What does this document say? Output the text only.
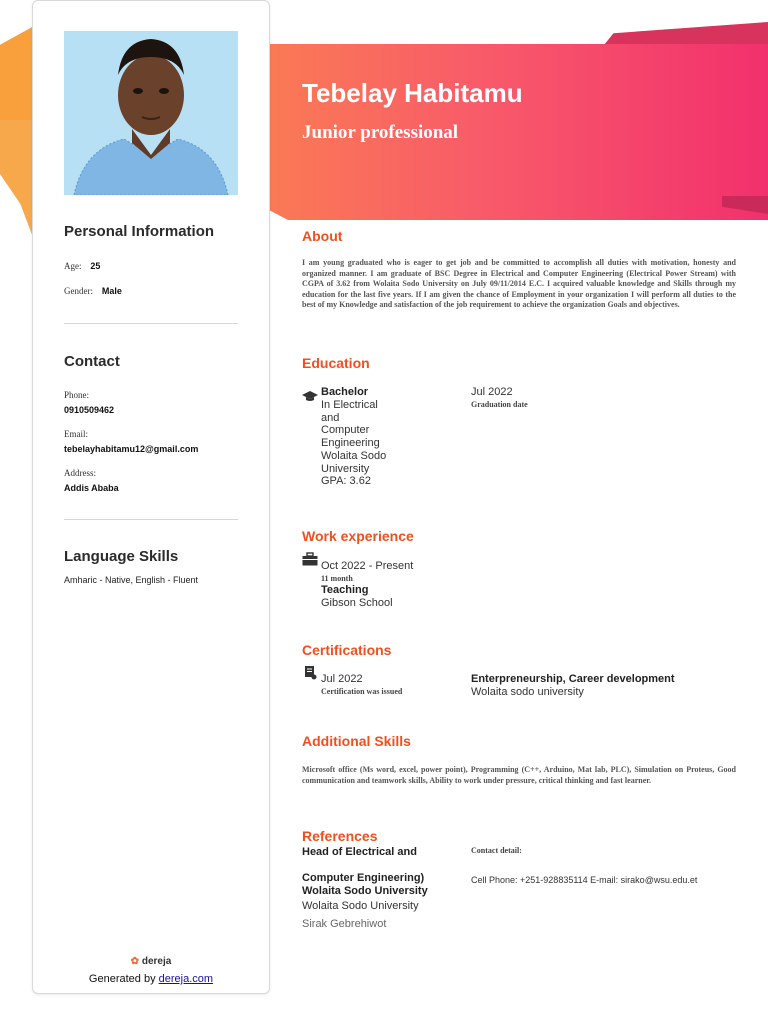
Tebelay Habitamu
Junior professional
Personal Information
Age: 25
Gender: Male
Contact
Phone:
0910509462
Email:
tebelayhabitamu12@gmail.com
Address:
Addis Ababa
Language Skills
Amharic - Native, English - Fluent
✿ dereja
Generated by dereja.com
About
I am young graduated who is eager to get job and be committed to accomplish all duties with motivation, honesty and organized manner. I am graduate of BSC Degree in Electrical and Computer Engineering (Electrical Power Stream) with CGPA of 3.62 from Wolaita Sodo University on July 09/11/2014 E.C. I acquired valuable knowledge and Skills through my education for the last five years. If I am given the chance of Employment in your organization I will perform all duties to the best of my Knowledge and satisfaction of the job requirement to achieve the organization Goals and objectives.
Education
Bachelor
In Electrical
and
Computer
Engineering
Wolaita Sodo
University
GPA: 3.62
Jul 2022
Graduation date
Work experience
Oct 2022 - Present
11 month
Teaching
Gibson School
Certifications
Jul 2022
Certification was issued
Enterpreneurship, Career development
Wolaita sodo university
Additional Skills
Microsoft office (Ms word, excel, power point), Programming (C++, Arduino, Mat lab, PLC), Simulation on Proteus, Good communication and teamwork skills, Ability to work under pressure, critical thinking and fast learner.
References
Head of Electrical and
Computer Engineering)
Wolaita Sodo University
Wolaita Sodo University
Sirak Gebrehiwot
Contact detail:
Cell Phone: +251-928835114 E-mail: sirako@wsu.edu.et
